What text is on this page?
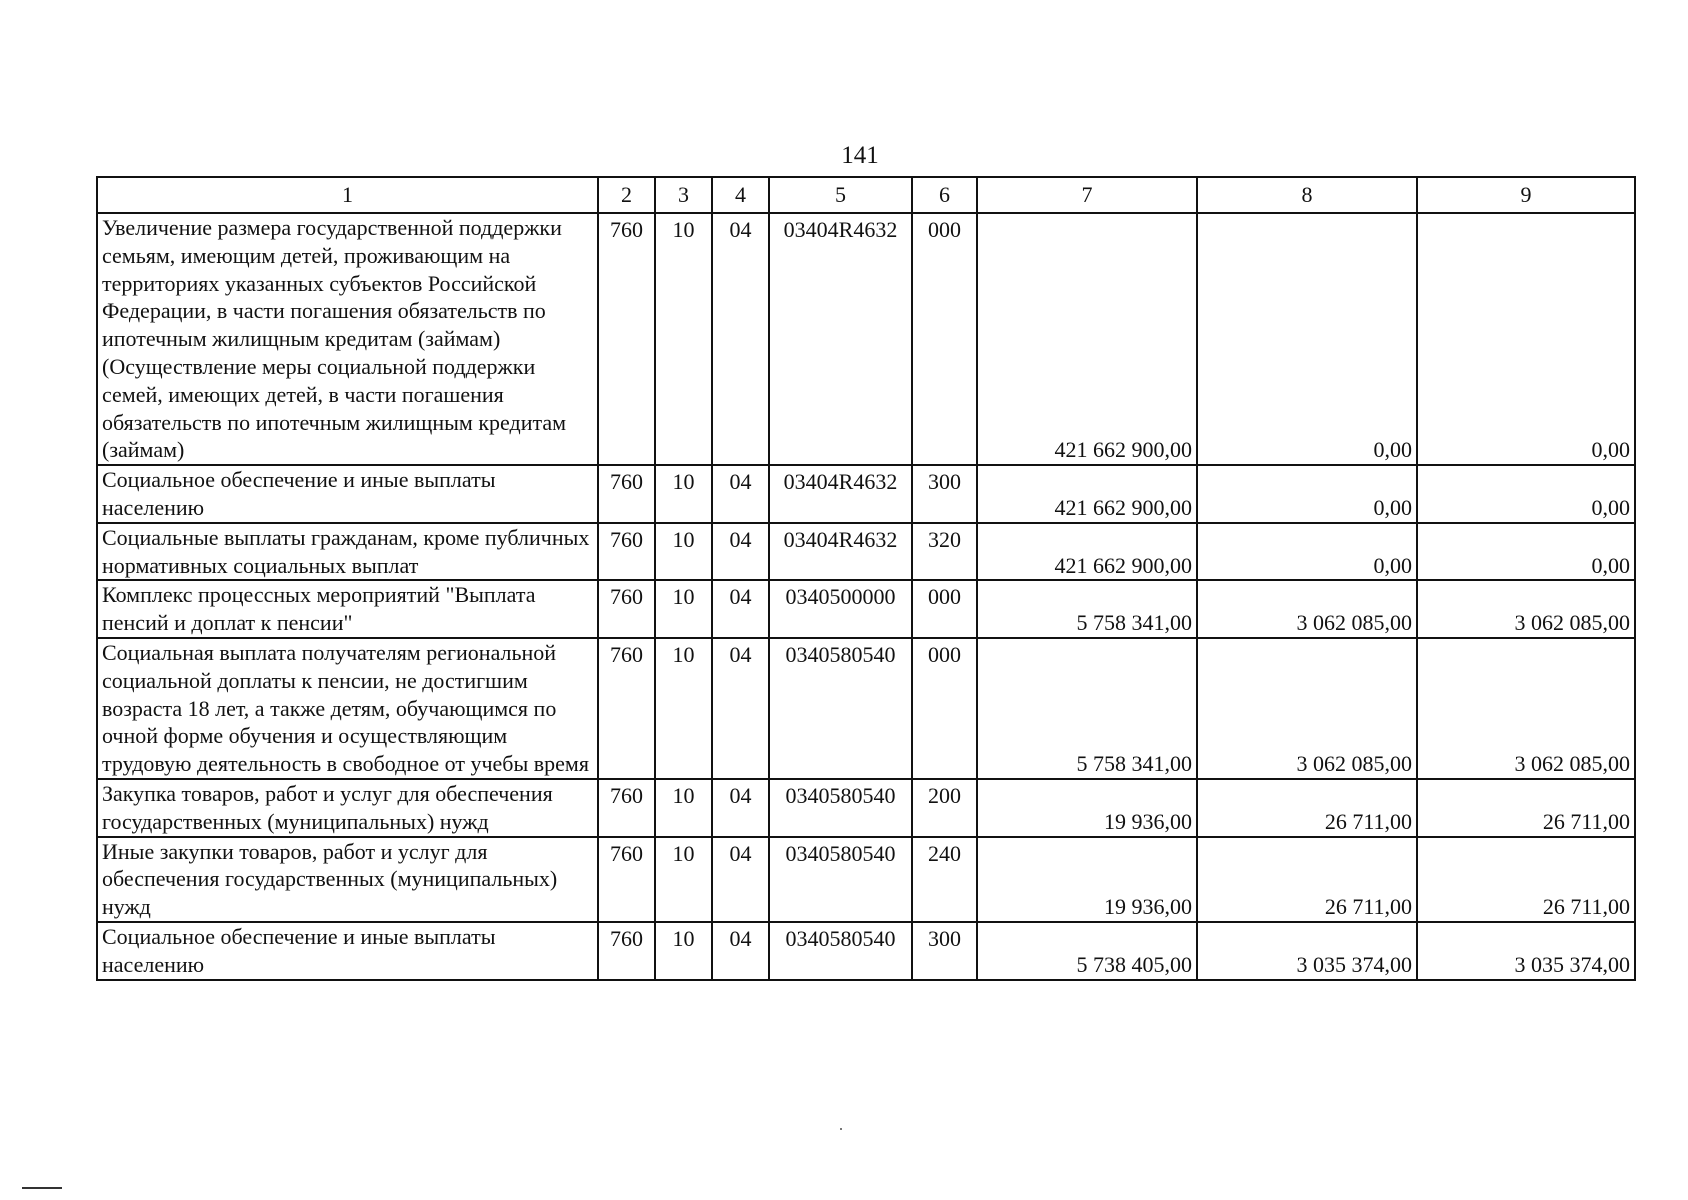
141
1	2	3	4	5	6	7	8	9
Увеличение размера государственной поддержки семьям, имеющим детей, проживающим на территориях указанных субъектов Российской Федерации, в части погашения обязательств по ипотечным жилищным кредитам (займам) (Осуществление меры социальной поддержки семей, имеющих детей, в части погашения обязательств по ипотечным жилищным кредитам (займам)	760	10	04	03404R4632	000	421 662 900,00	0,00	0,00
Социальное обеспечение и иные выплаты населению	760	10	04	03404R4632	300	421 662 900,00	0,00	0,00
Социальные выплаты гражданам, кроме публичных нормативных социальных выплат	760	10	04	03404R4632	320	421 662 900,00	0,00	0,00
Комплекс процессных мероприятий "Выплата пенсий и доплат к пенсии"	760	10	04	0340500000	000	5 758 341,00	3 062 085,00	3 062 085,00
Социальная выплата получателям региональной социальной доплаты к пенсии, не достигшим возраста 18 лет, а также детям, обучающимся по очной форме обучения и осуществляющим трудовую деятельность в свободное от учебы время	760	10	04	0340580540	000	5 758 341,00	3 062 085,00	3 062 085,00
Закупка товаров, работ и услуг для обеспечения государственных (муниципальных) нужд	760	10	04	0340580540	200	19 936,00	26 711,00	26 711,00
Иные закупки товаров, работ и услуг для обеспечения государственных (муниципальных) нужд	760	10	04	0340580540	240	19 936,00	26 711,00	26 711,00
Социальное обеспечение и иные выплаты населению	760	10	04	0340580540	300	5 738 405,00	3 035 374,00	3 035 374,00
